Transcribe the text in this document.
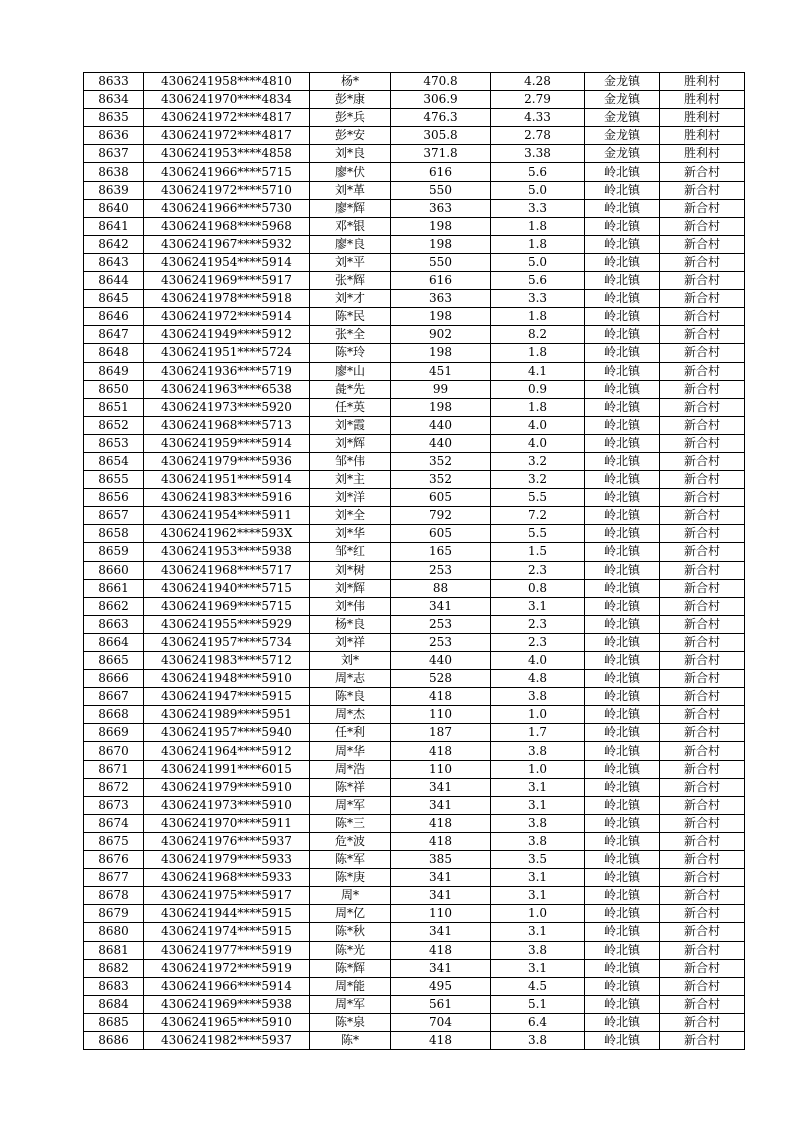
8633	4306241958****4810	杨*	470.8	4.28	金龙镇	胜利村
8634	4306241970****4834	彭*康	306.9	2.79	金龙镇	胜利村
8635	4306241972****4817	彭*兵	476.3	4.33	金龙镇	胜利村
8636	4306241972****4817	彭*安	305.8	2.78	金龙镇	胜利村
8637	4306241953****4858	刘*良	371.8	3.38	金龙镇	胜利村
8638	4306241966****5715	廖*伏	616	5.6	岭北镇	新合村
8639	4306241972****5710	刘*革	550	5.0	岭北镇	新合村
8640	4306241966****5730	廖*辉	363	3.3	岭北镇	新合村
8641	4306241968****5968	邓*银	198	1.8	岭北镇	新合村
8642	4306241967****5932	廖*良	198	1.8	岭北镇	新合村
8643	4306241954****5914	刘*平	550	5.0	岭北镇	新合村
8644	4306241969****5917	张*辉	616	5.6	岭北镇	新合村
8645	4306241978****5918	刘*才	363	3.3	岭北镇	新合村
8646	4306241972****5914	陈*民	198	1.8	岭北镇	新合村
8647	4306241949****5912	张*全	902	8.2	岭北镇	新合村
8648	4306241951****5724	陈*玲	198	1.8	岭北镇	新合村
8649	4306241936****5719	廖*山	451	4.1	岭北镇	新合村
8650	4306241963****6538	彘*先	99	0.9	岭北镇	新合村
8651	4306241973****5920	任*英	198	1.8	岭北镇	新合村
8652	4306241968****5713	刘*霞	440	4.0	岭北镇	新合村
8653	4306241959****5914	刘*辉	440	4.0	岭北镇	新合村
8654	4306241979****5936	邹*伟	352	3.2	岭北镇	新合村
8655	4306241951****5914	刘*主	352	3.2	岭北镇	新合村
8656	4306241983****5916	刘*洋	605	5.5	岭北镇	新合村
8657	4306241954****5911	刘*全	792	7.2	岭北镇	新合村
8658	4306241962****593X	刘*华	605	5.5	岭北镇	新合村
8659	4306241953****5938	邹*红	165	1.5	岭北镇	新合村
8660	4306241968****5717	刘*树	253	2.3	岭北镇	新合村
8661	4306241940****5715	刘*辉	88	0.8	岭北镇	新合村
8662	4306241969****5715	刘*伟	341	3.1	岭北镇	新合村
8663	4306241955****5929	杨*良	253	2.3	岭北镇	新合村
8664	4306241957****5734	刘*祥	253	2.3	岭北镇	新合村
8665	4306241983****5712	刘*	440	4.0	岭北镇	新合村
8666	4306241948****5910	周*志	528	4.8	岭北镇	新合村
8667	4306241947****5915	陈*良	418	3.8	岭北镇	新合村
8668	4306241989****5951	周*杰	110	1.0	岭北镇	新合村
8669	4306241957****5940	任*利	187	1.7	岭北镇	新合村
8670	4306241964****5912	周*华	418	3.8	岭北镇	新合村
8671	4306241991****6015	周*浩	110	1.0	岭北镇	新合村
8672	4306241979****5910	陈*祥	341	3.1	岭北镇	新合村
8673	4306241973****5910	周*军	341	3.1	岭北镇	新合村
8674	4306241970****5911	陈*三	418	3.8	岭北镇	新合村
8675	4306241976****5937	危*波	418	3.8	岭北镇	新合村
8676	4306241979****5933	陈*军	385	3.5	岭北镇	新合村
8677	4306241968****5933	陈*庚	341	3.1	岭北镇	新合村
8678	4306241975****5917	周*	341	3.1	岭北镇	新合村
8679	4306241944****5915	周*亿	110	1.0	岭北镇	新合村
8680	4306241974****5915	陈*秋	341	3.1	岭北镇	新合村
8681	4306241977****5919	陈*光	418	3.8	岭北镇	新合村
8682	4306241972****5919	陈*辉	341	3.1	岭北镇	新合村
8683	4306241966****5914	周*能	495	4.5	岭北镇	新合村
8684	4306241969****5938	周*军	561	5.1	岭北镇	新合村
8685	4306241965****5910	陈*泉	704	6.4	岭北镇	新合村
8686	4306241982****5937	陈*	418	3.8	岭北镇	新合村
